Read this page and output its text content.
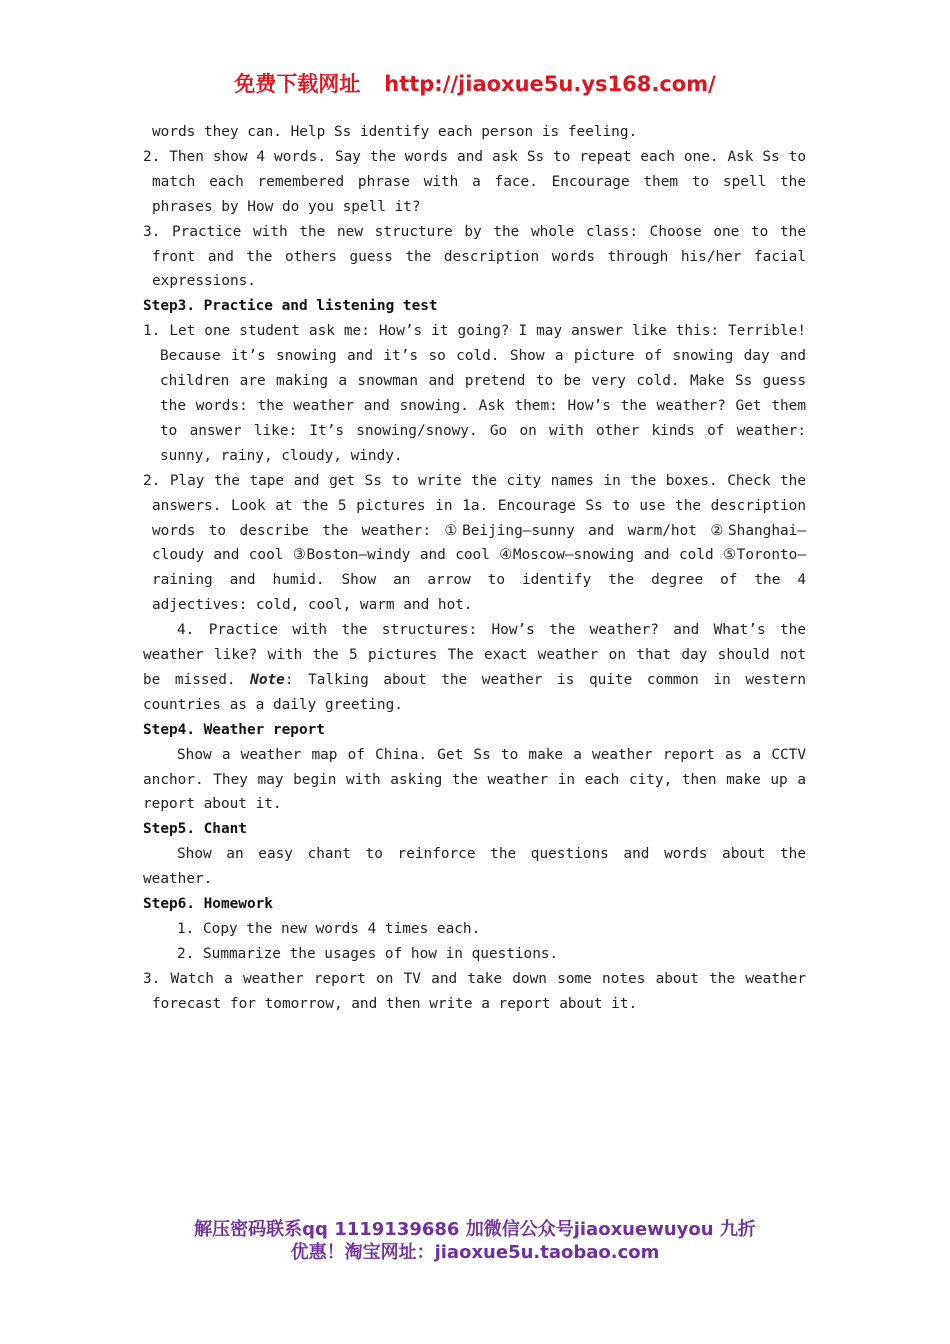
免费下载网址 http://jiaoxue5u.ys168.com/

words they can. Help Ss identify each person is feeling.

2. Then show 4 words. Say the words and ask Ss to repeat each one. Ask Ss to match each remembered phrase with a face. Encourage them to spell the phrases by How do you spell it?

3. Practice with the new structure by the whole class: Choose one to the front and the others guess the description words through his/her facial expressions.

Step3. Practice and listening test

1. Let one student ask me: How’s it going? I may answer like this: Terrible! Because it’s snowing and it’s so cold. Show a picture of snowing day and children are making a snowman and pretend to be very cold. Make Ss guess the words: the weather and snowing. Ask them: How’s the weather? Get them to answer like: It’s snowing/snowy. Go on with other kinds of weather: sunny, rainy, cloudy, windy.

2. Play the tape and get Ss to write the city names in the boxes. Check the answers. Look at the 5 pictures in 1a. Encourage Ss to use the description words to describe the weather: ①Beijing—sunny and warm/hot ②Shanghai—cloudy and cool ③Boston—windy and cool ④Moscow—snowing and cold ⑤Toronto—raining and humid. Show an arrow to identify the degree of the 4 adjectives: cold, cool, warm and hot.

4. Practice with the structures: How’s the weather? and What’s the weather like? with the 5 pictures The exact weather on that day should not be missed. Note: Talking about the weather is quite common in western countries as a daily greeting.

Step4. Weather report

Show a weather map of China. Get Ss to make a weather report as a CCTV anchor. They may begin with asking the weather in each city, then make up a report about it.

Step5. Chant

Show an easy chant to reinforce the questions and words about the weather.

Step6. Homework

1. Copy the new words 4 times each.

2. Summarize the usages of how in questions.

3. Watch a weather report on TV and take down some notes about the weather forecast for tomorrow, and then write a report about it.

解压密码联系qq 1119139686 加微信公众号jiaoxuewuyou 九折
优惠！淘宝网址：jiaoxue5u.taobao.com
